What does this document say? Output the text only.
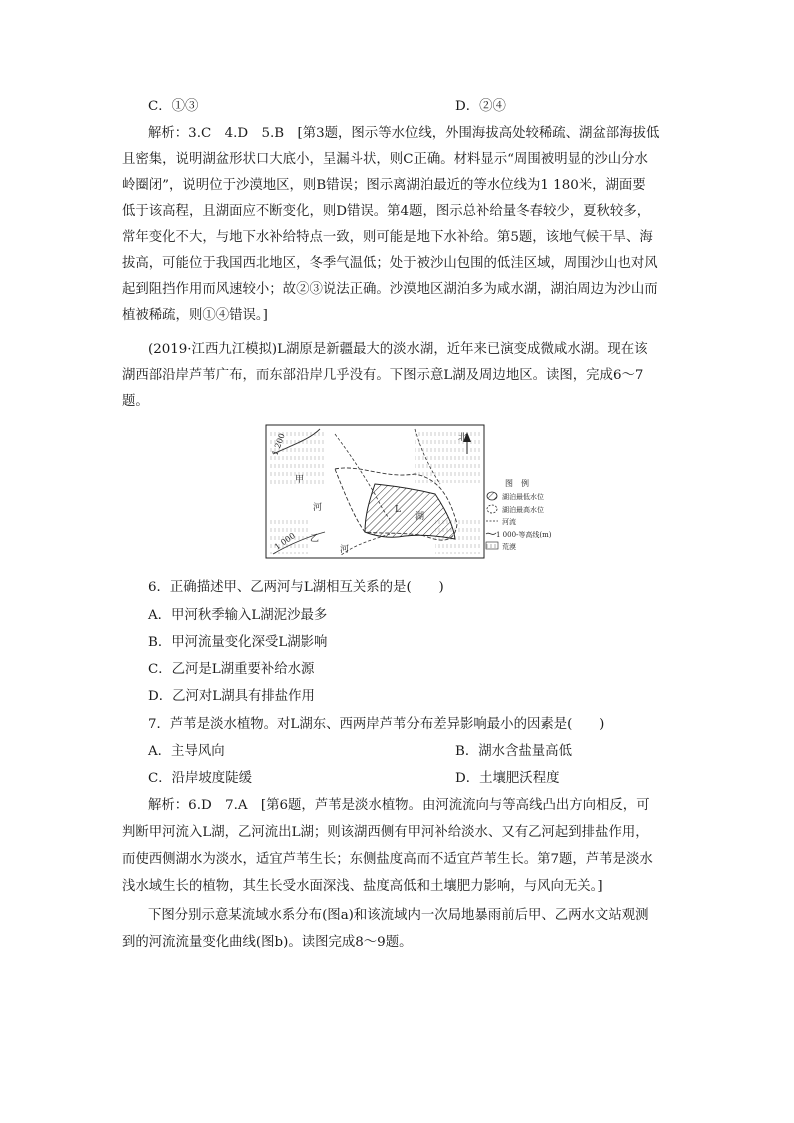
C．①③	D．②④
解析：3.C　4.D　5.B　[第3题，图示等水位线，外围海拔高处较稀疏、湖盆部海拔低
且密集，说明湖盆形状口大底小，呈漏斗状，则C正确。材料显示“周围被明显的沙山分水
岭圈闭”，说明位于沙漠地区，则B错误；图示离湖泊最近的等水位线为1 180米，湖面要
低于该高程，且湖面应不断变化，则D错误。第4题，图示总补给量冬春较少，夏秋较多，
常年变化不大，与地下水补给特点一致，则可能是地下水补给。第5题，该地气候干旱、海
拔高，可能位于我国西北地区，冬季气温低；处于被沙山包围的低洼区域，周围沙山也对风
起到阻挡作用而风速较小；故②③说法正确。沙漠地区湖泊多为咸水湖，湖泊周边为沙山而
植被稀疏，则①④错误。]
(2019·江西九江模拟)L湖原是新疆最大的淡水湖，近年来已演变成微咸水湖。现在该
湖西部沿岸芦苇广布，而东部沿岸几乎没有。下图示意L湖及周边地区。读图，完成6～7
题。
北
1 200
1 000
甲
河
乙
河
L
湖
图　例
湖泊最低水位
湖泊最高水位
河流
1 000-等高线(m)
荒漠
6．正确描述甲、乙两河与L湖相互关系的是(　　)
A．甲河秋季输入L湖泥沙最多
B．甲河流量变化深受L湖影响
C．乙河是L湖重要补给水源
D．乙河对L湖具有排盐作用
7．芦苇是淡水植物。对L湖东、西两岸芦苇分布差异影响最小的因素是(　　)
A．主导风向	B．湖水含盐量高低
C．沿岸坡度陡缓	D．土壤肥沃程度
解析：6.D　7.A　[第6题，芦苇是淡水植物。由河流流向与等高线凸出方向相反，可
判断甲河流入L湖，乙河流出L湖；则该湖西侧有甲河补给淡水、又有乙河起到排盐作用，
而使西侧湖水为淡水，适宜芦苇生长；东侧盐度高而不适宜芦苇生长。第7题，芦苇是淡水
浅水域生长的植物，其生长受水面深浅、盐度高低和土壤肥力影响，与风向无关。]
下图分别示意某流域水系分布(图a)和该流域内一次局地暴雨前后甲、乙两水文站观测
到的河流流量变化曲线(图b)。读图完成8～9题。
